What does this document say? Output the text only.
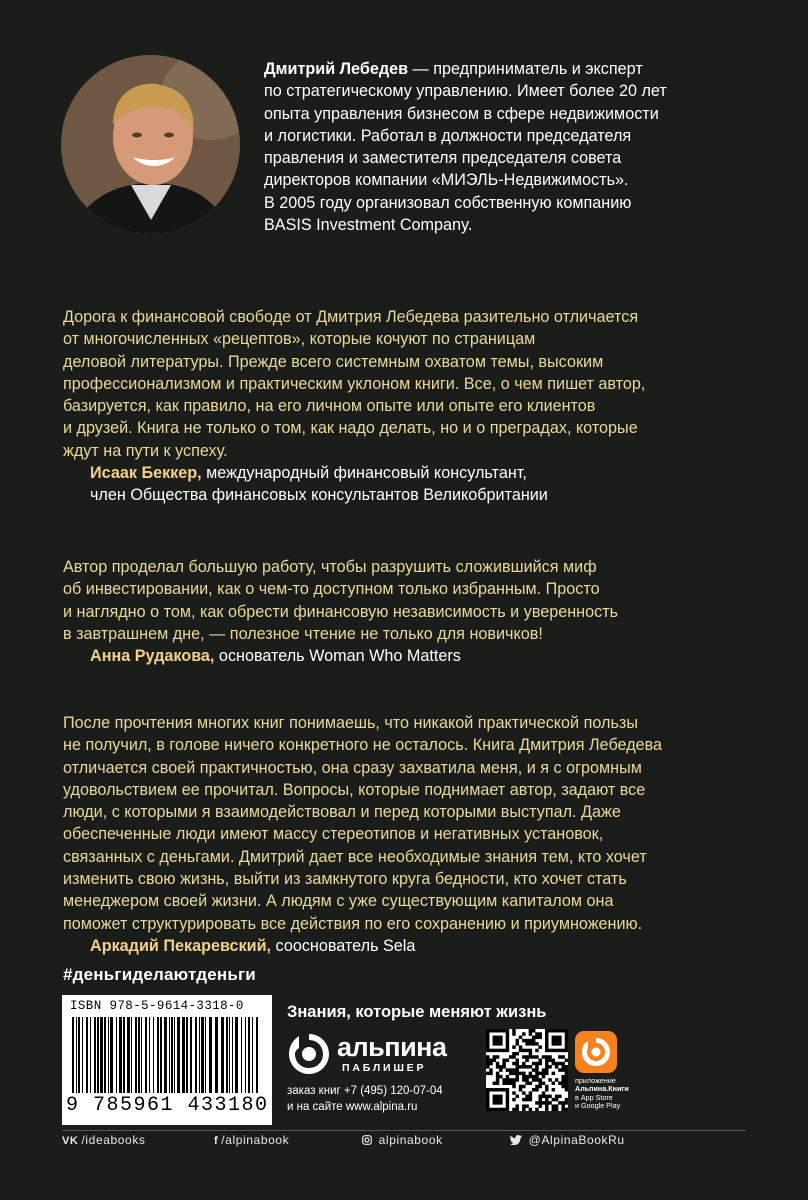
Дмитрий Лебедев — предприниматель и эксперт
по стратегическому управлению. Имеет более 20 лет
опыта управления бизнесом в сфере недвижимости
и логистики. Работал в должности председателя
правления и заместителя председателя совета
директоров компании «МИЭЛЬ-Недвижимость».
В 2005 году организовал собственную компанию
BASIS Investment Company.
Дорога к финансовой свободе от Дмитрия Лебедева разительно отличается
от многочисленных «рецептов», которые кочуют по страницам
деловой литературы. Прежде всего системным охватом темы, высоким
профессионализмом и практическим уклоном книги. Все, о чем пишет автор,
базируется, как правило, на его личном опыте или опыте его клиентов
и друзей. Книга не только о том, как надо делать, но и о преградах, которые
ждут на пути к успеху.
Исаак Беккер, международный финансовый консультант,
член Общества финансовых консультантов Великобритании
Автор проделал большую работу, чтобы разрушить сложившийся миф
об инвестировании, как о чем-то доступном только избранным. Просто
и наглядно о том, как обрести финансовую независимость и уверенность
в завтрашнем дне, — полезное чтение не только для новичков!
Анна Рудакова, основатель Woman Who Matters
После прочтения многих книг понимаешь, что никакой практической пользы
не получил, в голове ничего конкретного не осталось. Книга Дмитрия Лебедева
отличается своей практичностью, она сразу захватила меня, и я с огромным
удовольствием ее прочитал. Вопросы, которые поднимает автор, задают все
люди, с которыми я взаимодействовал и перед которыми выступал. Даже
обеспеченные люди имеют массу стереотипов и негативных установок,
связанных с деньгами. Дмитрий дает все необходимые знания тем, кто хочет
изменить свою жизнь, выйти из замкнутого круга бедности, кто хочет стать
менеджером своей жизни. А людям с уже существующим капиталом она
поможет структурировать все действия по его сохранению и приумножению.
Аркадий Пекаревский, сооснователь Sela
#деньгиделаютденьги
ISBN 978-5-9614-3318-0
9 785961 433180
Знания, которые меняют жизнь
альпина
ПАБЛИШЕР
заказ книг +7 (495) 120-07-04
и на сайте www.alpina.ru
приложение
Альпина.Книги
в App Store
и Google Play
VK /ideabooks	f /alpinabook	alpinabook	@AlpinaBookRu
